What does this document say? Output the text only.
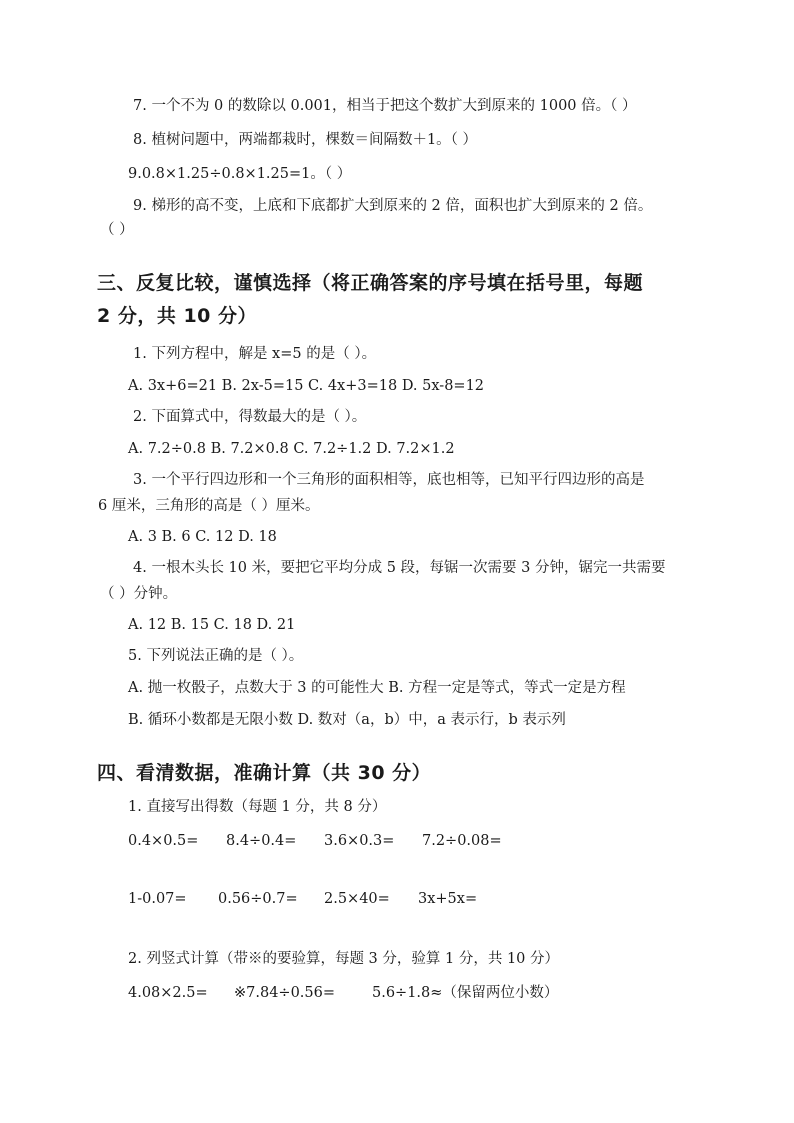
7. 一个不为 0 的数除以 0.001，相当于把这个数扩大到原来的 1000 倍。（ ）
8. 植树问题中，两端都栽时，棵数＝间隔数＋1。（ ）
9.0.8×1.25÷0.8×1.25=1。（ ）
9. 梯形的高不变，上底和下底都扩大到原来的 2 倍，面积也扩大到原来的 2 倍。
（ ）
三、反复比较，谨慎选择（将正确答案的序号填在括号里，每题
2 分，共 10 分）
1. 下列方程中，解是 x=5 的是（ ）。
A. 3x+6=21 B. 2x-5=15 C. 4x+3=18 D. 5x-8=12
2. 下面算式中，得数最大的是（ ）。
A. 7.2÷0.8 B. 7.2×0.8 C. 7.2÷1.2 D. 7.2×1.2
3. 一个平行四边形和一个三角形的面积相等，底也相等，已知平行四边形的高是
6 厘米，三角形的高是（ ）厘米。
A. 3 B. 6 C. 12 D. 18
4. 一根木头长 10 米，要把它平均分成 5 段，每锯一次需要 3 分钟，锯完一共需要
（ ）分钟。
A. 12 B. 15 C. 18 D. 21
5. 下列说法正确的是（ ）。
A. 抛一枚骰子，点数大于 3 的可能性大 B. 方程一定是等式，等式一定是方程
B. 循环小数都是无限小数 D. 数对（a，b）中，a 表示行，b 表示列
四、看清数据，准确计算（共 30 分）
1. 直接写出得数（每题 1 分，共 8 分）
0.4×0.5= 8.4÷0.4= 3.6×0.3= 7.2÷0.08=
1-0.07= 0.56÷0.7= 2.5×40= 3x+5x=
2. 列竖式计算（带※的要验算，每题 3 分，验算 1 分，共 10 分）
4.08×2.5= ※7.84÷0.56=	5.6÷1.8≈（保留两位小数）
